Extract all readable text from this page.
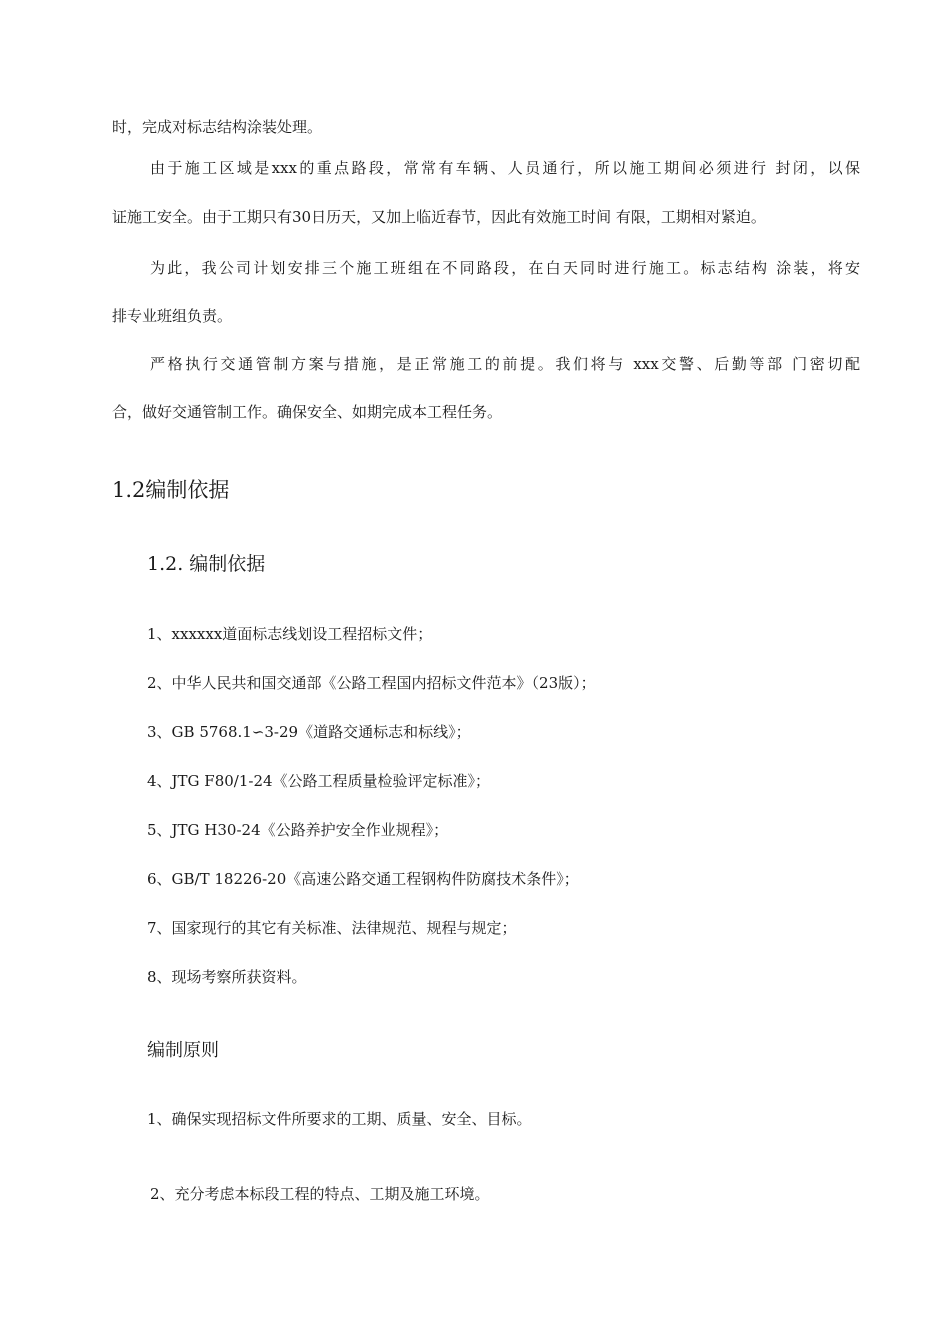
时，完成对标志结构涂装处理。
由于施工区域是xxx的重点路段，常常有车辆、人员通行，所以施工期间必须进行 封闭，以保
证施工安全。由于工期只有30日历天，又加上临近春节，因此有效施工时间 有限，工期相对紧迫。
为此，我公司计划安排三个施工班组在不同路段，在白天同时进行施工。标志结构 涂装，将安
排专业班组负责。
严格执行交通管制方案与措施，是正常施工的前提。我们将与 xxx交警、后勤等部 门密切配
合，做好交通管制工作。确保安全、如期完成本工程任务。
1.2编制依据
1.2. 编制依据
1、xxxxxx道面标志线划设工程招标文件；
2、中华人民共和国交通部《公路工程国内招标文件范本》（23版）；
3、GB 5768.1∽3-29《道路交通标志和标线》；
4、JTG F80/1-24《公路工程质量检验评定标准》；
5、JTG H30-24《公路养护安全作业规程》；
6、GB/T 18226-20《高速公路交通工程钢构件防腐技术条件》；
7、国家现行的其它有关标准、法律规范、规程与规定；
8、现场考察所获资料。
编制原则
1、确保实现招标文件所要求的工期、质量、安全、目标。
2、充分考虑本标段工程的特点、工期及施工环境。
